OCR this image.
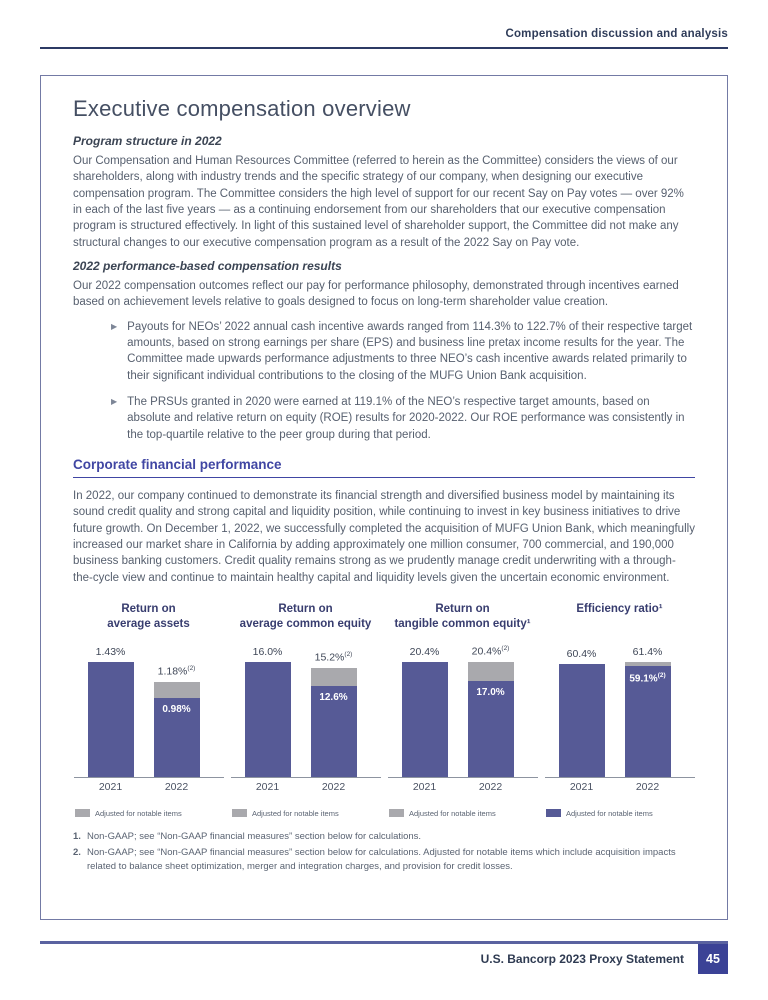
Compensation discussion and analysis
Executive compensation overview
Program structure in 2022

Our Compensation and Human Resources Committee (referred to herein as the Committee) considers the views of our shareholders, along with industry trends and the specific strategy of our company, when designing our executive compensation program. The Committee considers the high level of support for our recent Say on Pay votes — over 92% in each of the last five years — as a continuing endorsement from our shareholders that our executive compensation program is structured effectively. In light of this sustained level of shareholder support, the Committee did not make any structural changes to our executive compensation program as a result of the 2022 Say on Pay vote.

2022 performance-based compensation results

Our 2022 compensation outcomes reflect our pay for performance philosophy, demonstrated through incentives earned based on achievement levels relative to goals designed to focus on long-term shareholder value creation.

▶ Payouts for NEOs’ 2022 annual cash incentive awards ranged from 114.3% to 122.7% of their respective target amounts, based on strong earnings per share (EPS) and business line pretax income results for the year. The Committee made upwards performance adjustments to three NEO’s cash incentive awards related primarily to their significant individual contributions to the closing of the MUFG Union Bank acquisition.
▶ The PRSUs granted in 2020 were earned at 119.1% of the NEO’s respective target amounts, based on absolute and relative return on equity (ROE) results for 2020-2022. Our ROE performance was consistently in the top-quartile relative to the peer group during that period.
Corporate financial performance

In 2022, our company continued to demonstrate its financial strength and diversified business model by maintaining its sound credit quality and strong capital and liquidity position, while continuing to invest in key business initiatives to drive future growth. On December 1, 2022, we successfully completed the acquisition of MUFG Union Bank, which meaningfully increased our market share in California by adding approximately one million consumer, 700 commercial, and 190,000 business banking customers. Credit quality remains strong as we prudently manage credit underwriting with a through-the-cycle view and continue to maintain healthy capital and liquidity levels given the uncertain economic environment.

Return on
average assets
1.43%
1.18%$^{(2)}$
0.98%
2021	2022
Adjusted for notable items
Return on
average common equity
16.0%	15.2%$^{(2)}$
12.6%
2021	2022
Adjusted for notable items
Return on
tangible common equity¹
20.4%	20.4%$^{(2)}$
17.0%
2021	2022
Adjusted for notable items
Efficiency ratio¹
60.4%	61.4%
59.1%$^{(2)}$
2021	2022
Adjusted for notable items
1. Non-GAAP; see “Non-GAAP financial measures” section below for calculations.
2. Non-GAAP; see “Non-GAAP financial measures” section below for calculations. Adjusted for notable items which include acquisition impacts related to balance sheet optimization, merger and integration charges, and provision for credit losses.
U.S. Bancorp 2023 Proxy Statement	45
